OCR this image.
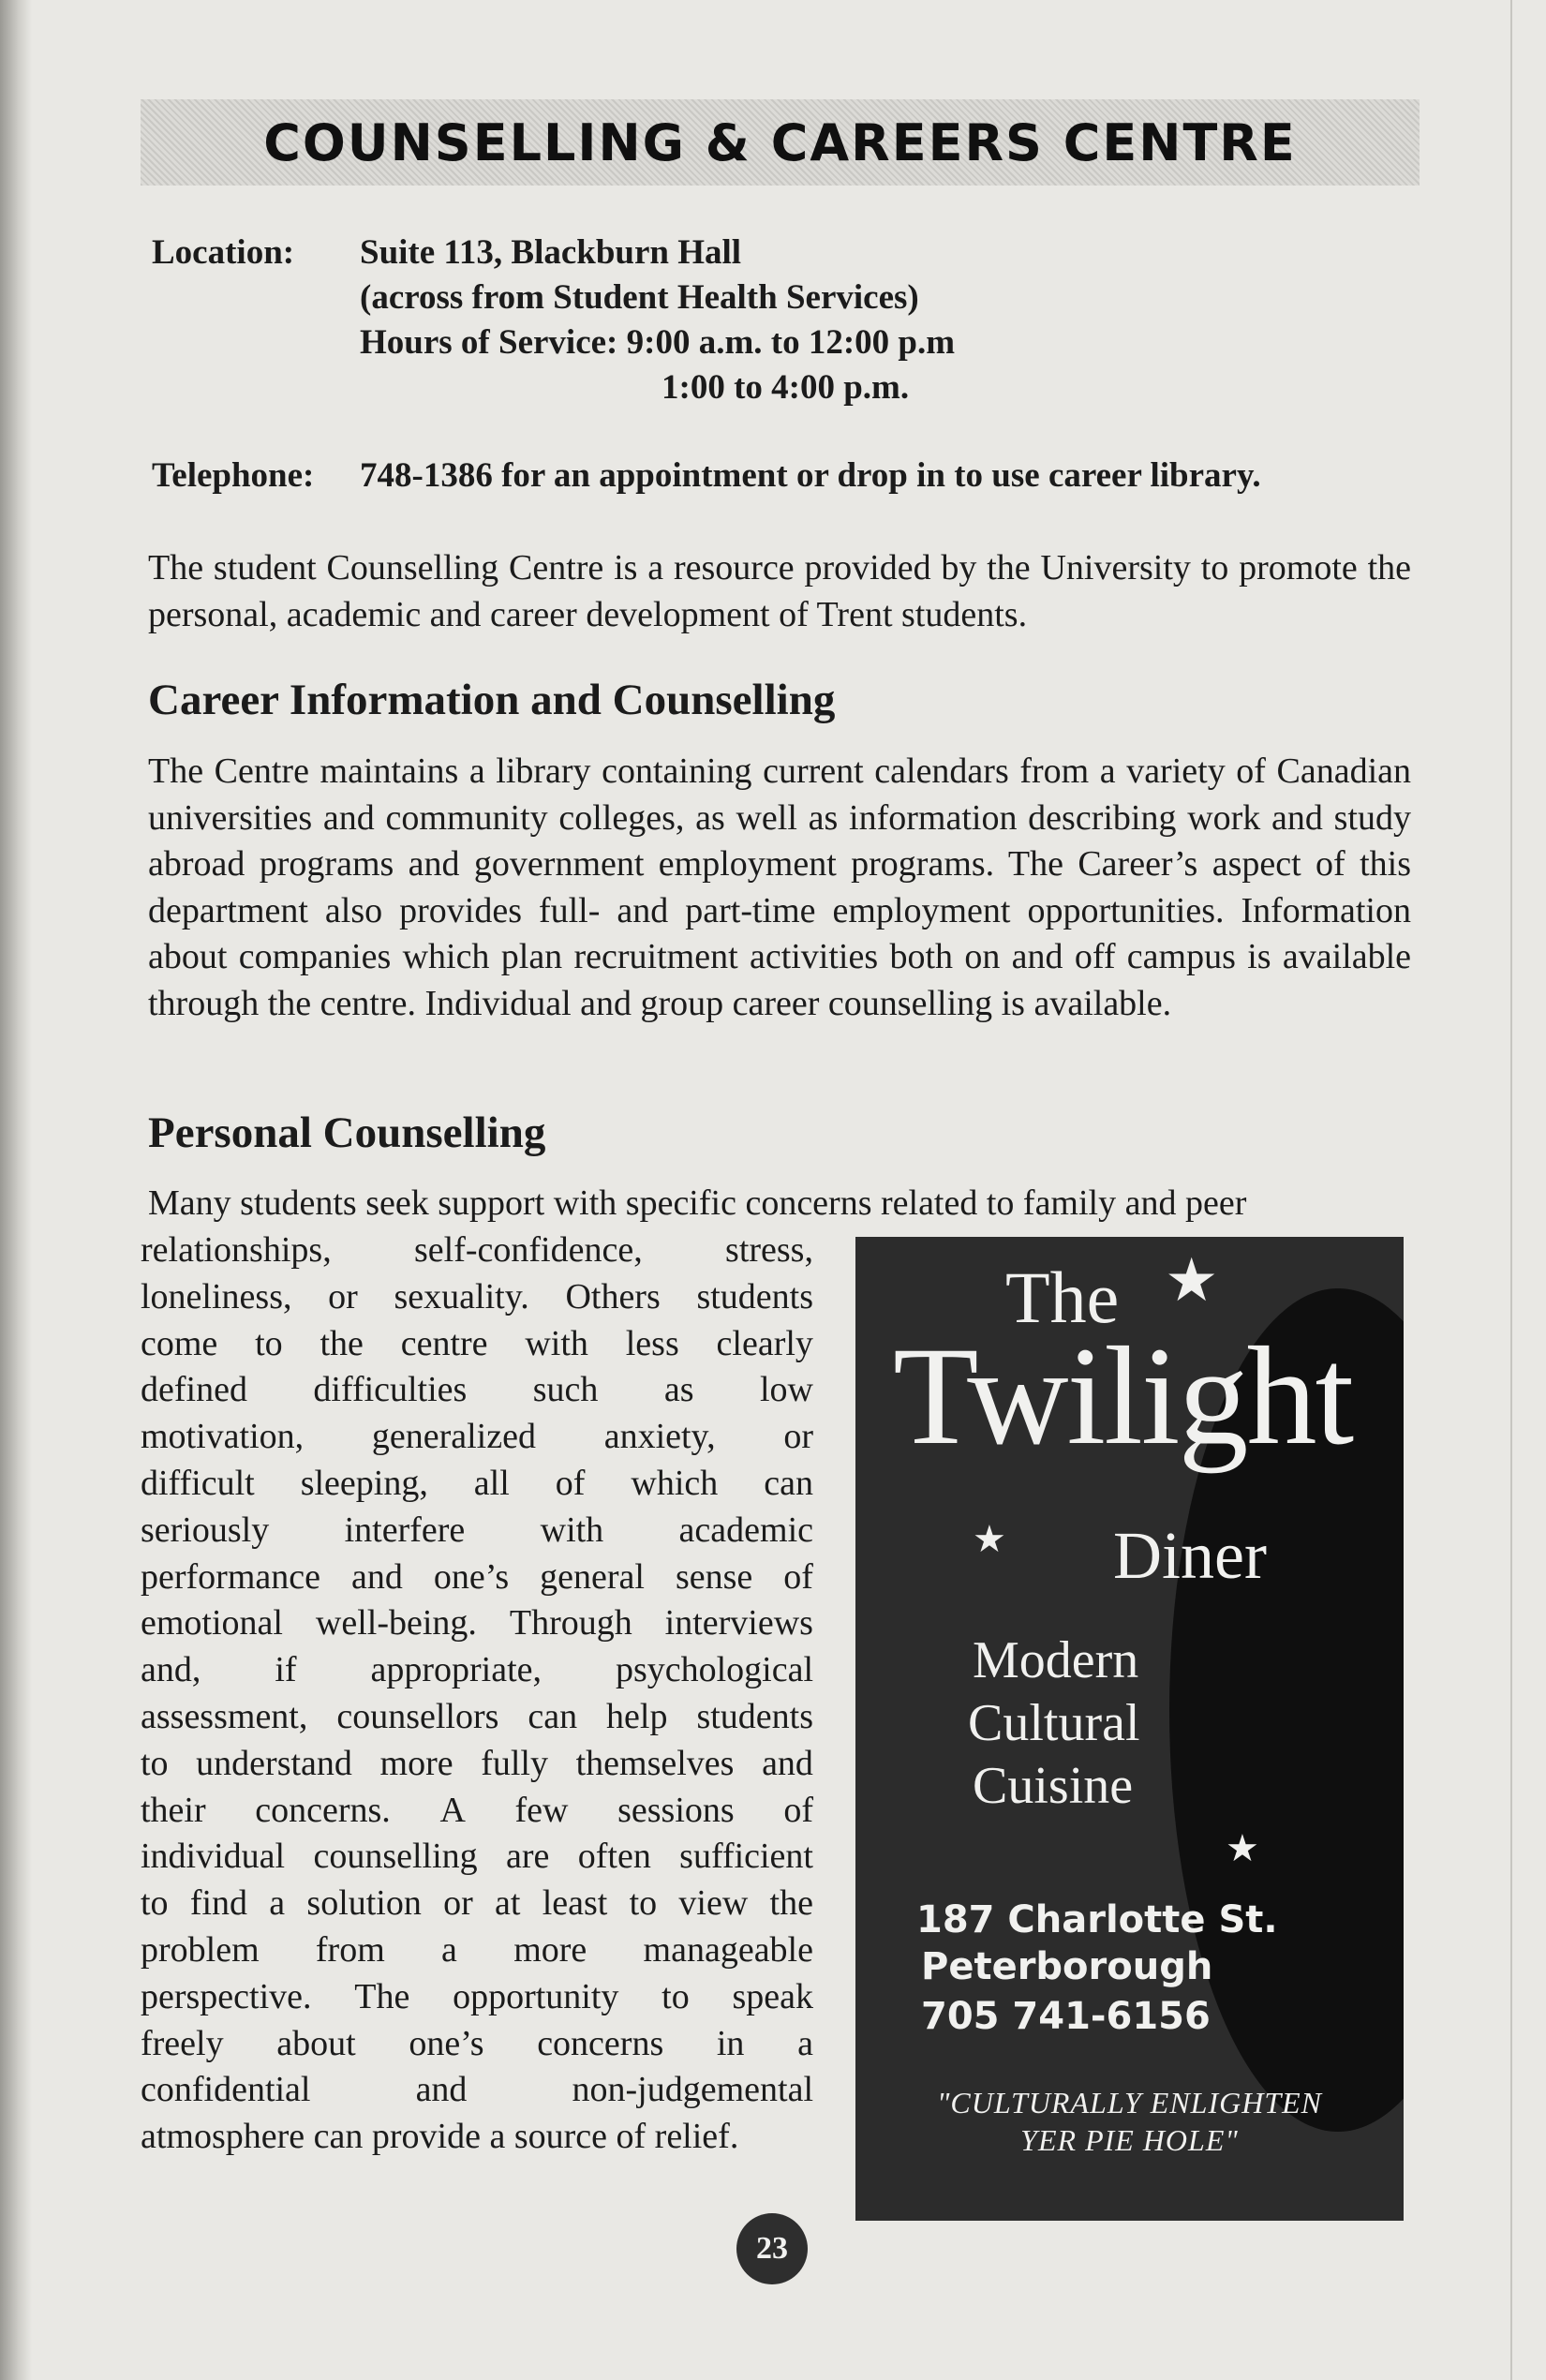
COUNSELLING & CAREERS CENTRE
Location: Suite 113, Blackburn Hall
(across from Student Health Services)
Hours of Service: 9:00 a.m. to 12:00 p.m
1:00 to 4:00 p.m.
Telephone: 748-1386 for an appointment or drop in to use career library.

The student Counselling Centre is a resource provided by the University to promote the personal, academic and career development of Trent students.

Career Information and Counselling

The Centre maintains a library containing current calendars from a variety of Canadian universities and community colleges, as well as information describing work and study abroad programs and government employment programs. The Career’s aspect of this department also provides full- and part-time employment opportunities. Information about companies which plan recruitment activities both on and off campus is available through the centre. Individual and group career counselling is available.

Personal Counselling
Many students seek support with specific concerns related to family and peer
relationships, self-confidence, stress,
loneliness, or sexuality. Others students
come to the centre with less clearly
defined difficulties such as low
motivation, generalized anxiety, or
difficult sleeping, all of which can
seriously interfere with academic
performance and one’s general sense of
emotional well-being. Through interviews
and, if appropriate, psychological
assessment, counsellors can help students
to understand more fully themselves and
their concerns. A few sessions of
individual counselling are often sufficient
to find a solution or at least to view the
problem from a more manageable
perspective. The opportunity to speak
freely about one’s concerns in a
confidential	and	non-judgemental
atmosphere can provide a source of relief.
★
★
★
The
Twilight
Diner
Modern
Cultural
Cuisine
187 Charlotte St.
Peterborough
705 741-6156
"CULTURALLY ENLIGHTEN
YER PIE HOLE"
23
